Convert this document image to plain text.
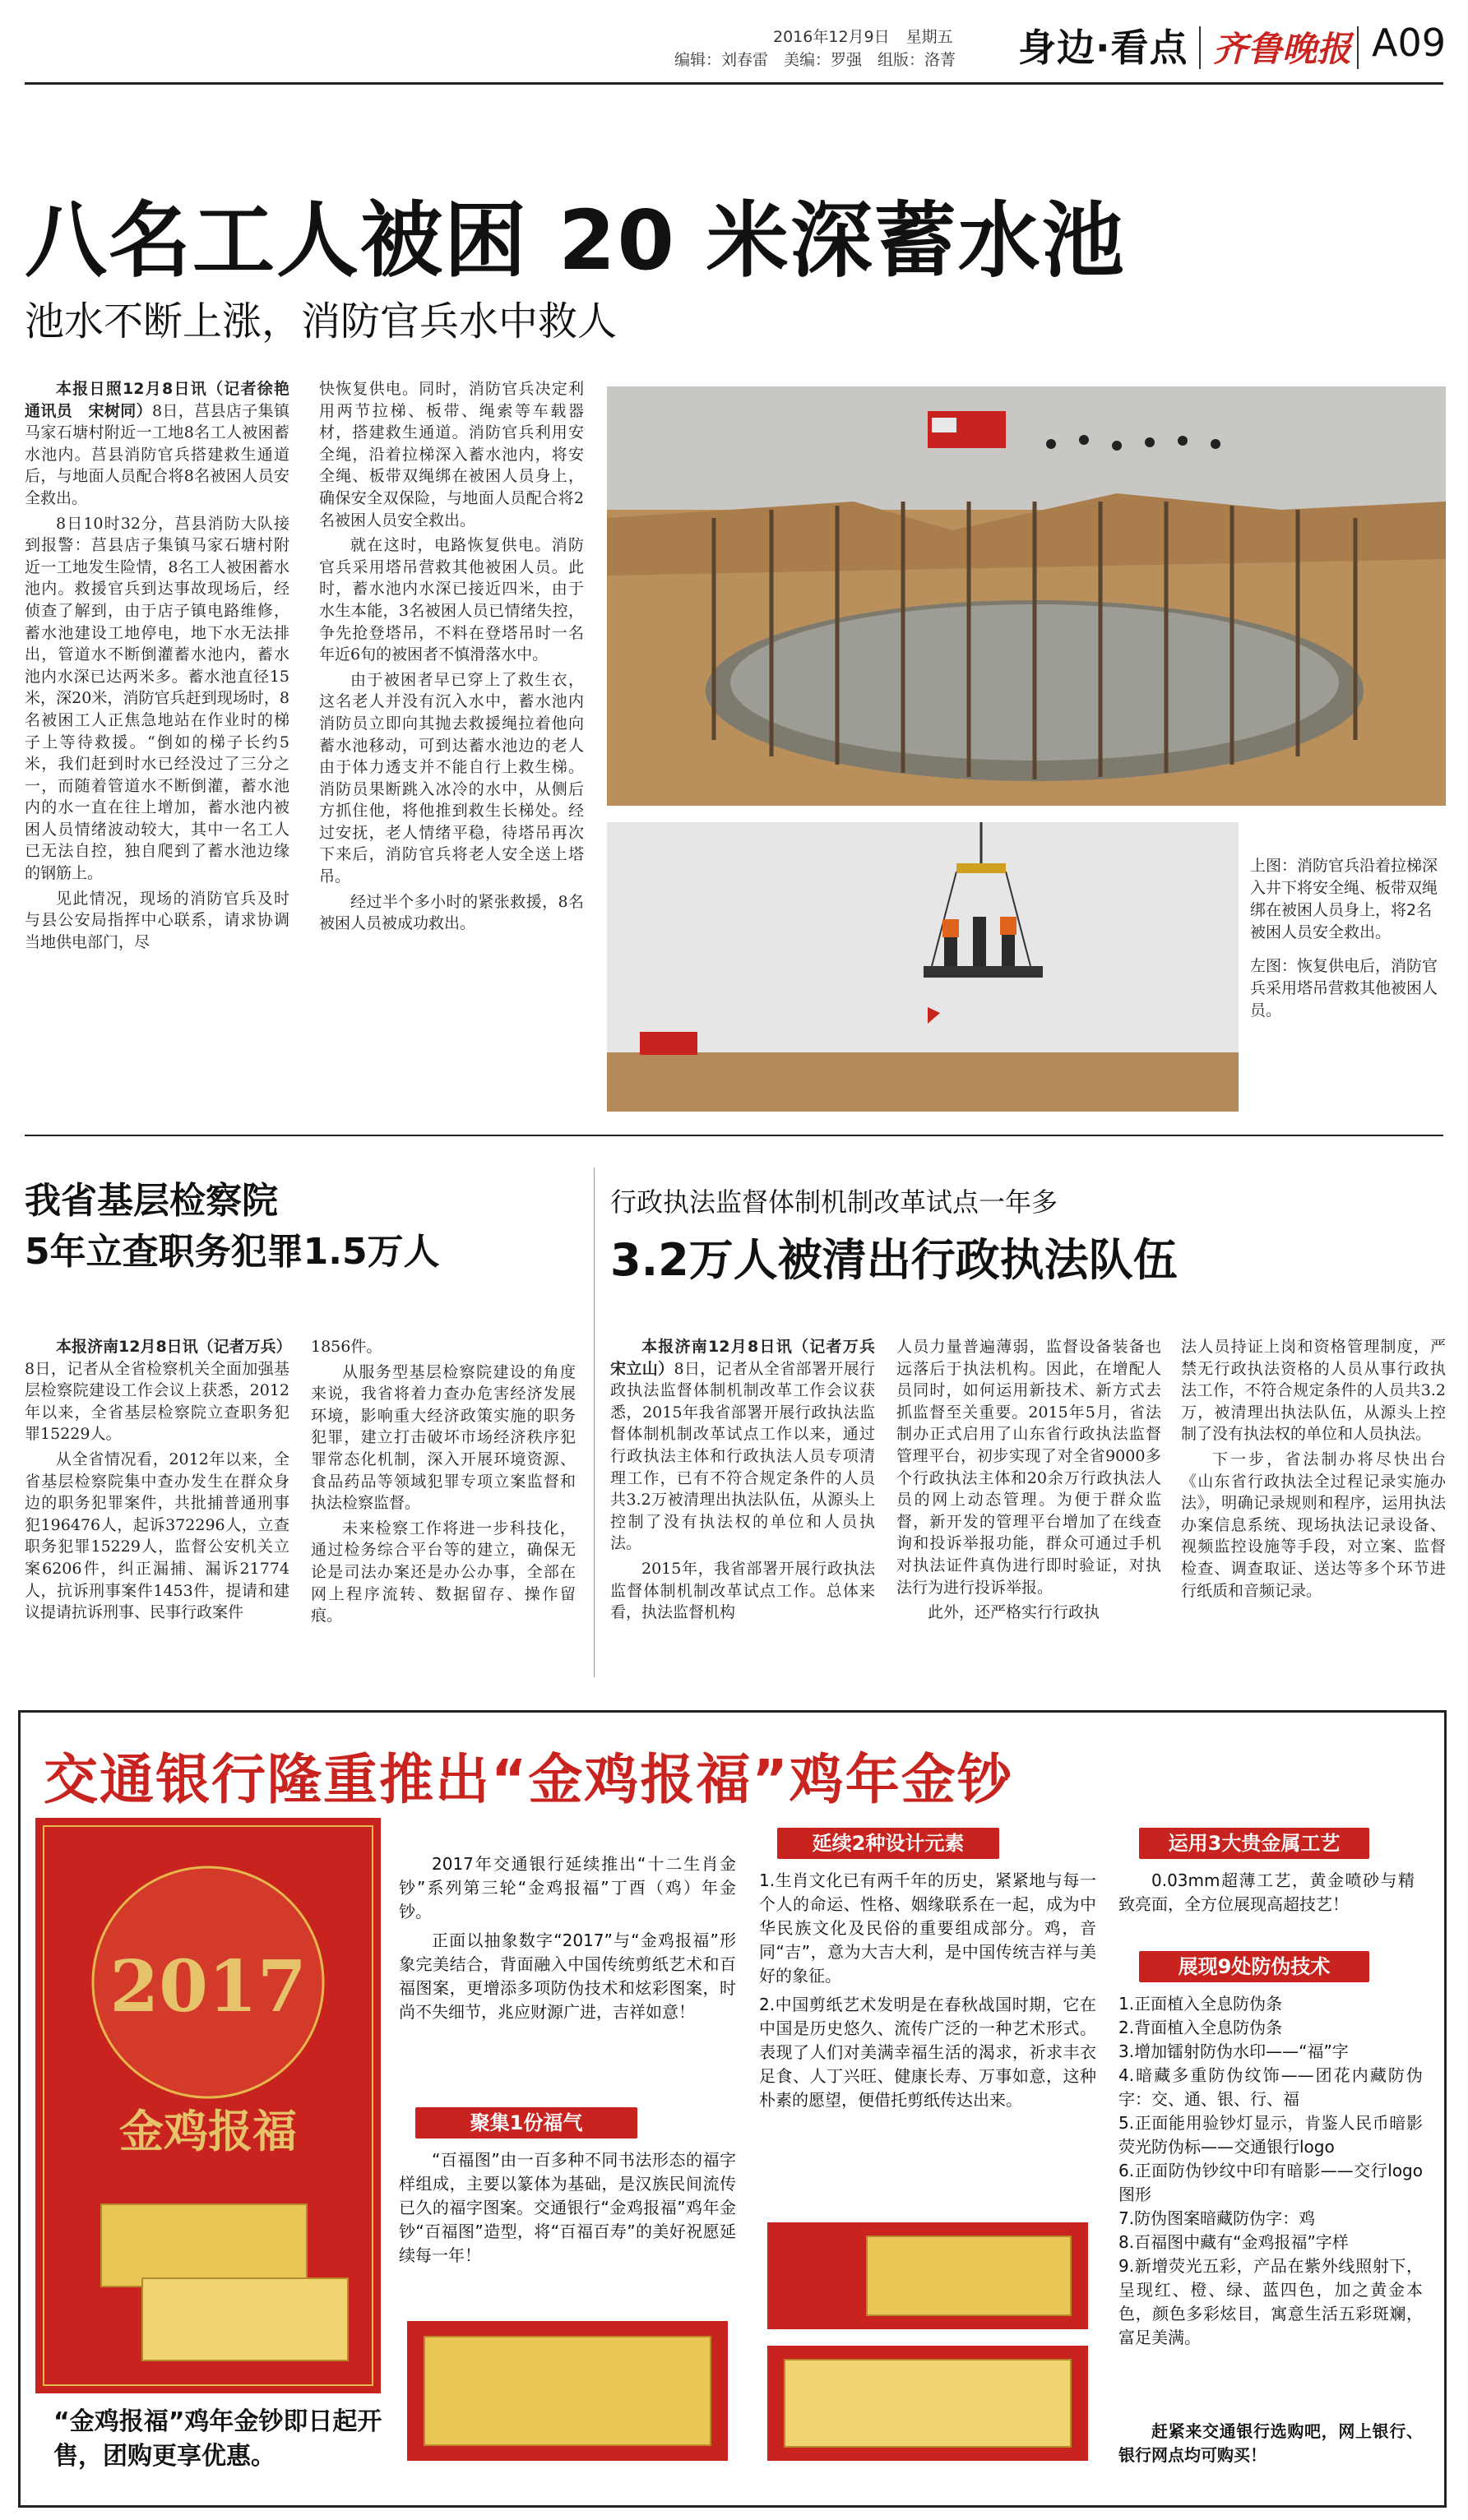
2016年12月9日 星期五
编辑：刘春雷　美编：罗强　组版：洛菁	身边·看点 齐鲁晚报 A09
八名工人被困 20 米深蓄水池
池水不断上涨，消防官兵水中救人

本报日照12月8日讯（记者徐艳　通讯员　宋树同）8日，莒县店子集镇马家石塘村附近一工地8名工人被困蓄水池内。莒县消防官兵搭建救生通道后，与地面人员配合将8名被困人员安全救出。

8日10时32分，莒县消防大队接到报警：莒县店子集镇马家石塘村附近一工地发生险情，8名工人被困蓄水池内。救援官兵到达事故现场后，经侦查了解到，由于店子镇电路维修，蓄水池建设工地停电，地下水无法排出，管道水不断倒灌蓄水池内，蓄水池内水深已达两米多。蓄水池直径15米，深20米，消防官兵赶到现场时，8名被困工人正焦急地站在作业时的梯子上等待救援。“倒如的梯子长约5米，我们赶到时水已经没过了三分之一，而随着管道水不断倒灌，蓄水池内的水一直在往上增加，蓄水池内被困人员情绪波动较大，其中一名工人已无法自控，独自爬到了蓄水池边缘的钢筋上。

见此情况，现场的消防官兵及时与县公安局指挥中心联系，请求协调当地供电部门，尽

快恢复供电。同时，消防官兵决定利用两节拉梯、板带、绳索等车载器材，搭建救生通道。消防官兵利用安全绳，沿着拉梯深入蓄水池内，将安全绳、板带双绳绑在被困人员身上，确保安全双保险，与地面人员配合将2名被困人员安全救出。

就在这时，电路恢复供电。消防官兵采用塔吊营救其他被困人员。此时，蓄水池内水深已接近四米，由于水生本能，3名被困人员已情绪失控，争先抢登塔吊，不料在登塔吊时一名年近6旬的被困者不慎滑落水中。

由于被困者早已穿上了救生衣，这名老人并没有沉入水中，蓄水池内消防员立即向其抛去救援绳拉着他向蓄水池移动，可到达蓄水池边的老人由于体力透支并不能自行上救生梯。消防员果断跳入冰冷的水中，从侧后方抓住他，将他推到救生长梯处。经过安抚，老人情绪平稳，待塔吊再次下来后，消防官兵将老人安全送上塔吊。

经过半个多小时的紧张救援，8名被困人员被成功救出。

上图：消防官兵沿着拉梯深入井下将安全绳、板带双绳绑在被困人员身上，将2名被困人员安全救出。

左图：恢复供电后，消防官兵采用塔吊营救其他被困人员。

我省基层检察院
5年立查职务犯罪1.5万人

本报济南12月8日讯（记者万兵）8日，记者从全省检察机关全面加强基层检察院建设工作会议上获悉，2012年以来，全省基层检察院立查职务犯罪15229人。

从全省情况看，2012年以来，全省基层检察院集中查办发生在群众身边的职务犯罪案件，共批捕普通刑事犯196476人，起诉372296人，立查职务犯罪15229人，监督公安机关立案6206件，纠正漏捕、漏诉21774人，抗诉刑事案件1453件，提请和建议提请抗诉刑事、民事行政案件

1856件。

从服务型基层检察院建设的角度来说，我省将着力查办危害经济发展环境，影响重大经济政策实施的职务犯罪，建立打击破坏市场经济秩序犯罪常态化机制，深入开展环境资源、食品药品等领域犯罪专项立案监督和执法检察监督。

未来检察工作将进一步科技化，通过检务综合平台等的建立，确保无论是司法办案还是办公办事，全部在网上程序流转、数据留存、操作留痕。

行政执法监督体制机制改革试点一年多
3.2万人被清出行政执法队伍

本报济南12月8日讯（记者万兵　宋立山）8日，记者从全省部署开展行政执法监督体制机制改革工作会议获悉，2015年我省部署开展行政执法监督体制机制改革试点工作以来，通过行政执法主体和行政执法人员专项清理工作，已有不符合规定条件的人员共3.2万被清理出执法队伍，从源头上控制了没有执法权的单位和人员执法。

2015年，我省部署开展行政执法监督体制机制改革试点工作。总体来看，执法监督机构

人员力量普遍薄弱，监督设备装备也远落后于执法机构。因此，在增配人员同时，如何运用新技术、新方式去抓监督至关重要。2015年5月，省法制办正式启用了山东省行政执法监督管理平台，初步实现了对全省9000多个行政执法主体和20余万行政执法人员的网上动态管理。为便于群众监督，新开发的管理平台增加了在线查询和投诉举报功能，群众可通过手机对执法证件真伪进行即时验证，对执法行为进行投诉举报。

此外，还严格实行行政执

法人员持证上岗和资格管理制度，严禁无行政执法资格的人员从事行政执法工作，不符合规定条件的人员共3.2万，被清理出执法队伍，从源头上控制了没有执法权的单位和人员执法。

下一步，省法制办将尽快出台《山东省行政执法全过程记录实施办法》，明确记录规则和程序，运用执法办案信息系统、现场执法记录设备、视频监控设施等手段，对立案、监督检查、调查取证、送达等多个环节进行纸质和音频记录。

交通银行隆重推出“金鸡报福”鸡年金钞
2017
金鸡报福
“金鸡报福”鸡年金钞即日起开售，团购更享优惠。

2017年交通银行延续推出“十二生肖金钞”系列第三轮“金鸡报福”丁酉（鸡）年金钞。

正面以抽象数字“2017”与“金鸡报福”形象完美结合，背面融入中国传统剪纸艺术和百福图案，更增添多项防伪技术和炫彩图案，时尚不失细节，兆应财源广进，吉祥如意！

聚集1份福气

“百福图”由一百多种不同书法形态的福字样组成，主要以篆体为基础，是汉族民间流传已久的福字图案。交通银行“金鸡报福”鸡年金钞“百福图”造型，将“百福百寿”的美好祝愿延续每一年！

延续2种设计元素

1.生肖文化已有两千年的历史，紧紧地与每一个人的命运、性格、姻缘联系在一起，成为中华民族文化及民俗的重要组成部分。鸡，音同“吉”，意为大吉大利，是中国传统吉祥与美好的象征。

2.中国剪纸艺术发明是在春秋战国时期，它在中国是历史悠久、流传广泛的一种艺术形式。表现了人们对美满幸福生活的渴求，祈求丰衣足食、人丁兴旺、健康长寿、万事如意，这种朴素的愿望，便借托剪纸传达出来。

运用3大贵金属工艺

0.03mm超薄工艺，黄金喷砂与精致亮面，全方位展现高超技艺！

展现9处防伪技术
1.正面植入全息防伪条
2.背面植入全息防伪条
3.增加镭射防伪水印——“福”字
4.暗藏多重防伪纹饰——团花内藏防伪字：交、通、银、行、福
5.正面能用验钞灯显示，肯鉴人民币暗影荧光防伪标——交通银行logo
6.正面防伪钞纹中印有暗影——交行logo图形
7.防伪图案暗藏防伪字：鸡
8.百福图中藏有“金鸡报福”字样
9.新增荧光五彩，产品在紫外线照射下，呈现红、橙、绿、蓝四色，加之黄金本色，颜色多彩炫目，寓意生活五彩斑斓，富足美满。
赶紧来交通银行选购吧，网上银行、银行网点均可购买！
